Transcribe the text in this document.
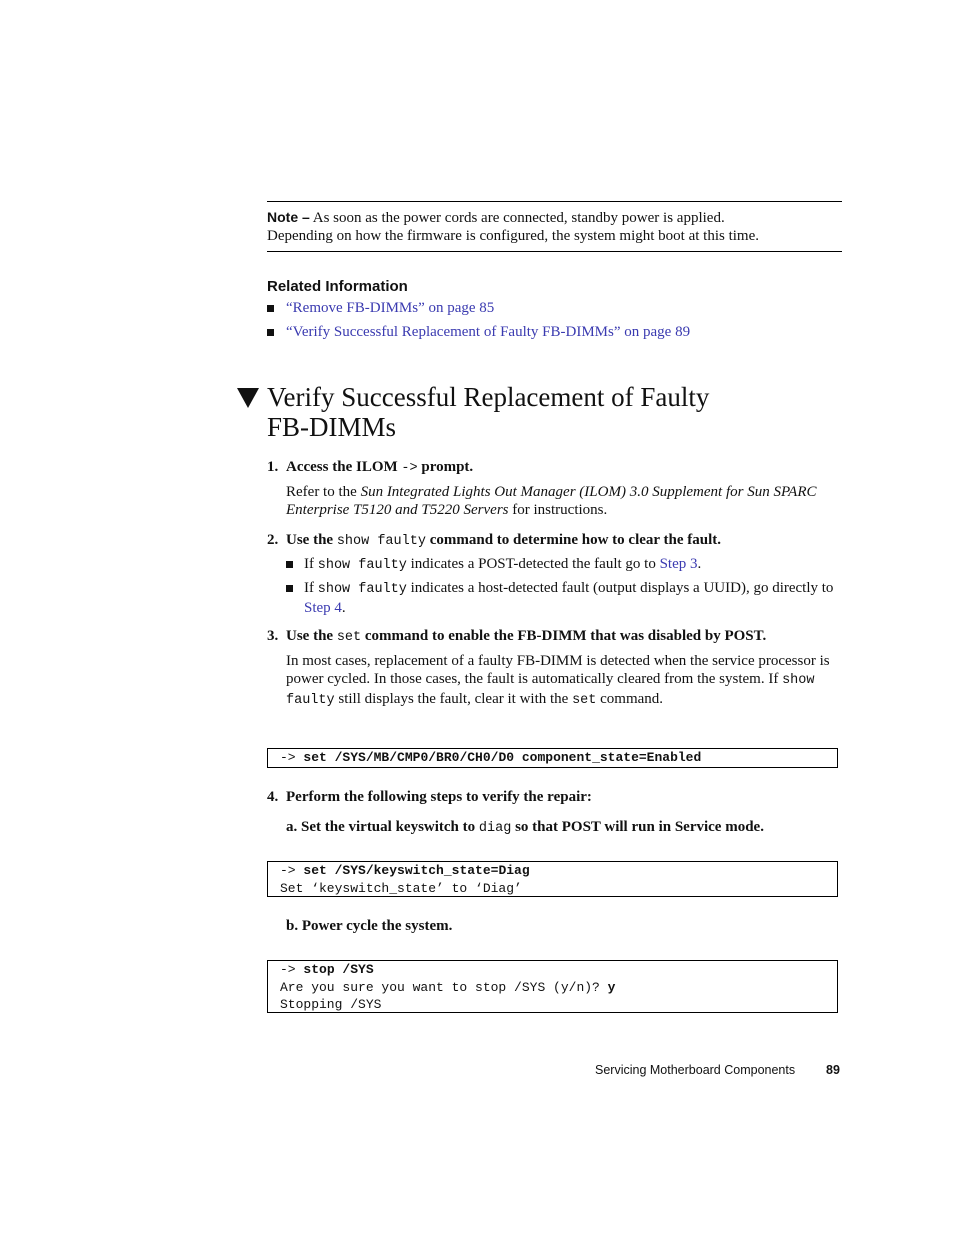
Note – As soon as the power cords are connected, standby power is applied.
Depending on how the firmware is configured, the system might boot at this time.
Related Information
“Remove FB-DIMMs” on page 85
“Verify Successful Replacement of Faulty FB-DIMMs” on page 89
Verify Successful Replacement of Faulty
FB-DIMMs
1. Access the ILOM -> prompt.
Refer to the Sun Integrated Lights Out Manager (ILOM) 3.0 Supplement for Sun SPARC Enterprise T5120 and T5220 Servers for instructions.
2. Use the show faulty command to determine how to clear the fault.
If show faulty indicates a POST-detected the fault go to Step 3.
If show faulty indicates a host-detected fault (output displays a UUID), go directly to Step 4.
3. Use the set command to enable the FB-DIMM that was disabled by POST.
In most cases, replacement of a faulty FB-DIMM is detected when the service processor is power cycled. In those cases, the fault is automatically cleared from the system. If show faulty still displays the fault, clear it with the set command.
-> set /SYS/MB/CMP0/BR0/CH0/D0 component_state=Enabled
4. Perform the following steps to verify the repair:
a. Set the virtual keyswitch to diag so that POST will run in Service mode.
-> set /SYS/keyswitch_state=Diag
Set ‘keyswitch_state’ to ‘Diag’
b. Power cycle the system.
-> stop /SYS
Are you sure you want to stop /SYS (y/n)? y
Stopping /SYS
Servicing Motherboard Components 89
